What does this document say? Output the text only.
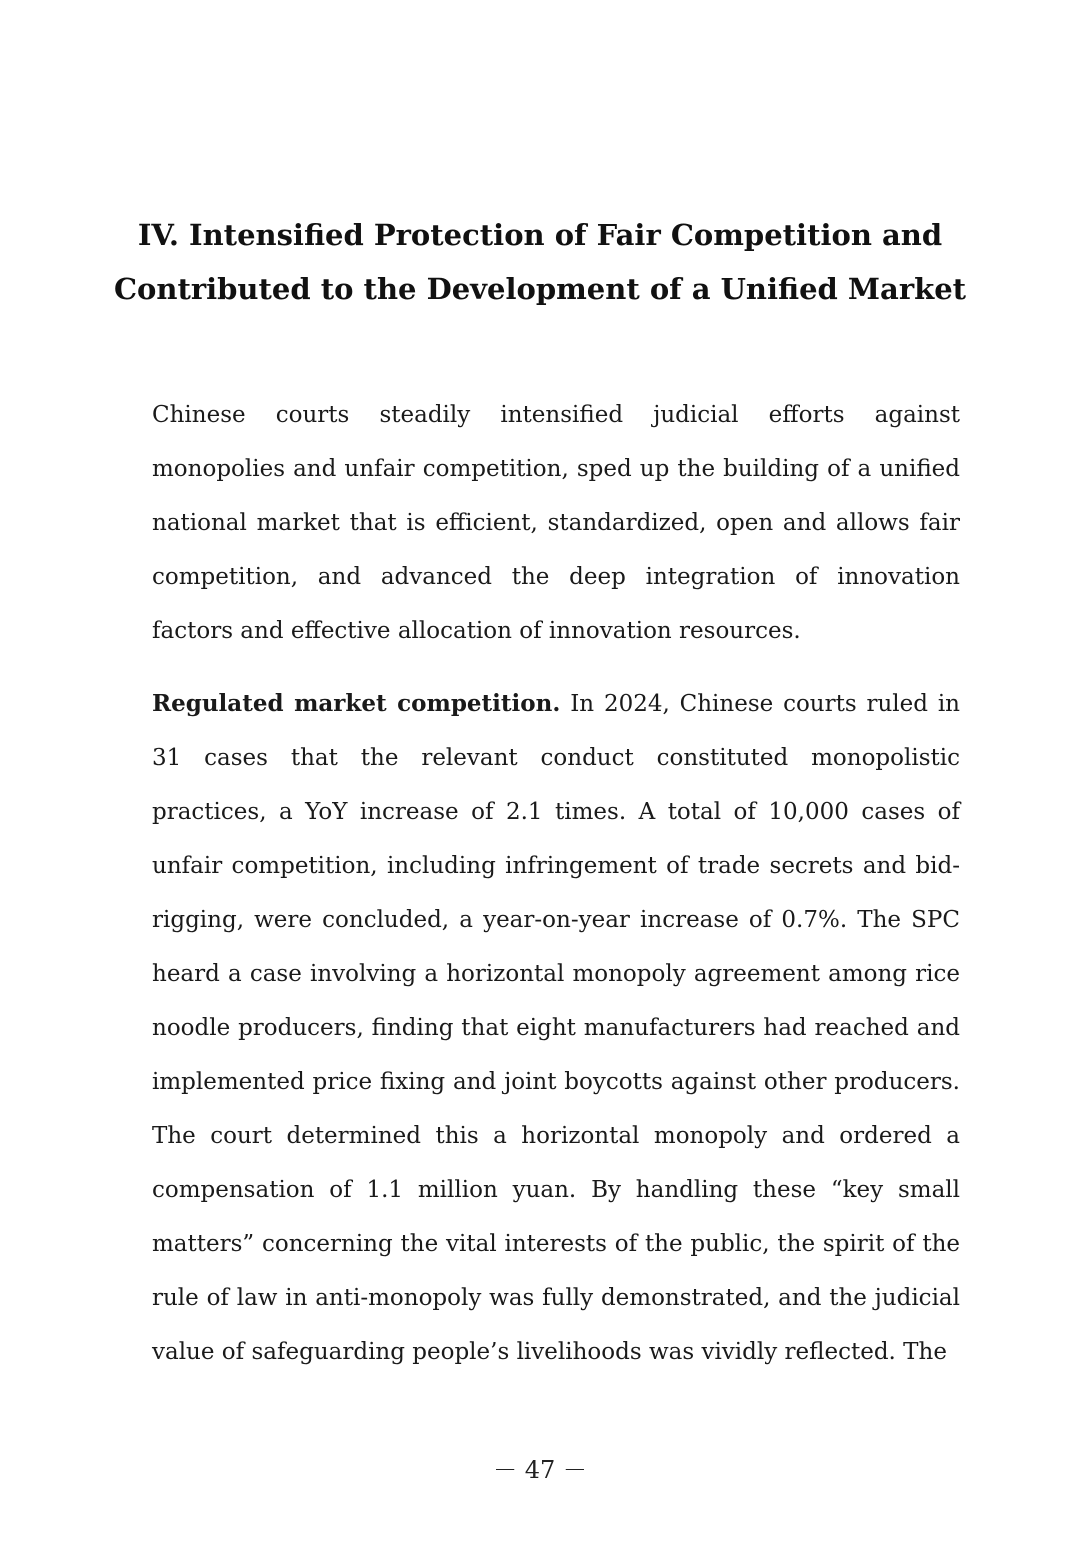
IV. Intensified Protection of Fair Competition and
Contributed to the Development of a Unified Market

Chinese courts steadily intensified judicial efforts against monopolies and unfair competition, sped up the building of a unified national market that is efficient, standardized, open and allows fair competition, and advanced the deep integration of innovation factors and effective allocation of innovation resources.

Regulated market competition. In 2024, Chinese courts ruled in 31 cases that the relevant conduct constituted monopolistic practices, a YoY increase of 2.1 times. A total of 10,000 cases of unfair competition, including infringement of trade secrets and bid-rigging, were concluded, a year-on-year increase of 0.7%. The SPC heard a case involving a horizontal monopoly agreement among rice noodle producers, finding that eight manufacturers had reached and implemented price fixing and joint boycotts against other producers. The court determined this a horizontal monopoly and ordered a compensation of 1.1 million yuan. By handling these “key small matters” concerning the vital interests of the public, the spirit of the rule of law in anti-monopoly was fully demonstrated, and the judicial value of safeguarding people’s livelihoods was vividly reflected. The

－ 47 －
